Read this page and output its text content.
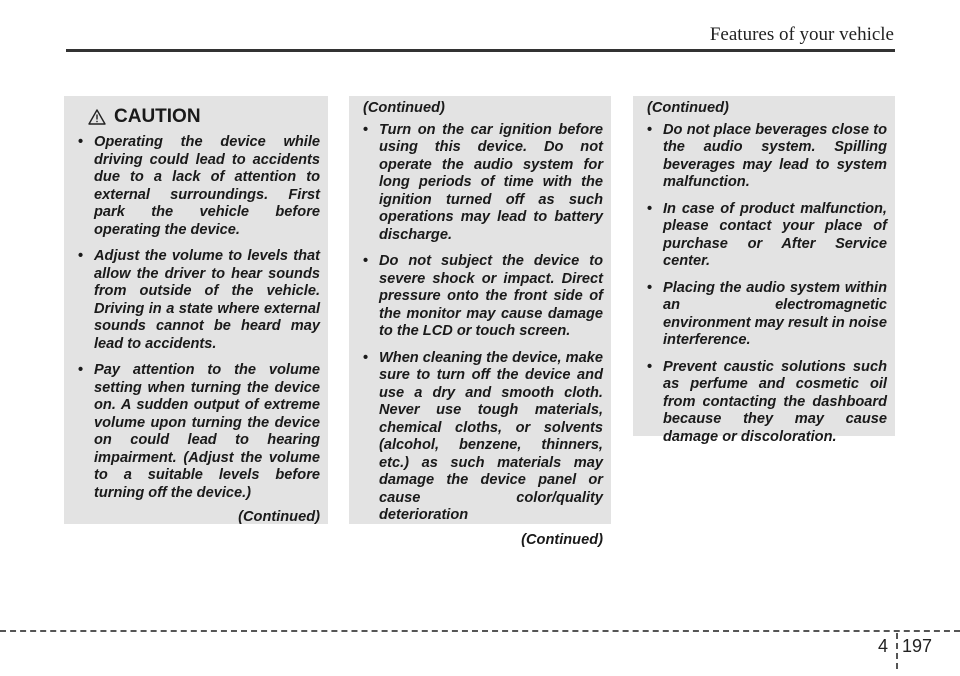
Features of your vehicle
CAUTION
• Operating the device while driving could lead to accidents due to a lack of attention to external surroundings. First park the vehicle before operating the device.
• Adjust the volume to levels that allow the driver to hear sounds from outside of the vehicle. Driving in a state where external sounds cannot be heard may lead to accidents.
• Pay attention to the volume setting when turning the device on. A sudden output of extreme volume upon turning the device on could lead to hearing impairment. (Adjust the volume to a suitable levels before turning off the device.)
(Continued)
(Continued)
• Turn on the car ignition before using this device. Do not operate the audio system for long periods of time with the ignition turned off as such operations may lead to battery discharge.
• Do not subject the device to severe shock or impact. Direct pressure onto the front side of the monitor may cause damage to the LCD or touch screen.
• When cleaning the device, make sure to turn off the device and use a dry and smooth cloth. Never use tough materials, chemical cloths, or solvents (alcohol, benzene, thinners, etc.) as such materials may damage the device panel or cause color/quality deterioration
(Continued)
(Continued)
• Do not place beverages close to the audio system. Spilling beverages may lead to system malfunction.
• In case of product malfunction, please contact your place of purchase or After Service center.
• Placing the audio system within an electromagnetic environment may result in noise interference.
• Prevent caustic solutions such as perfume and cosmetic oil from contacting the dashboard because they may cause damage or discoloration.
4 197
